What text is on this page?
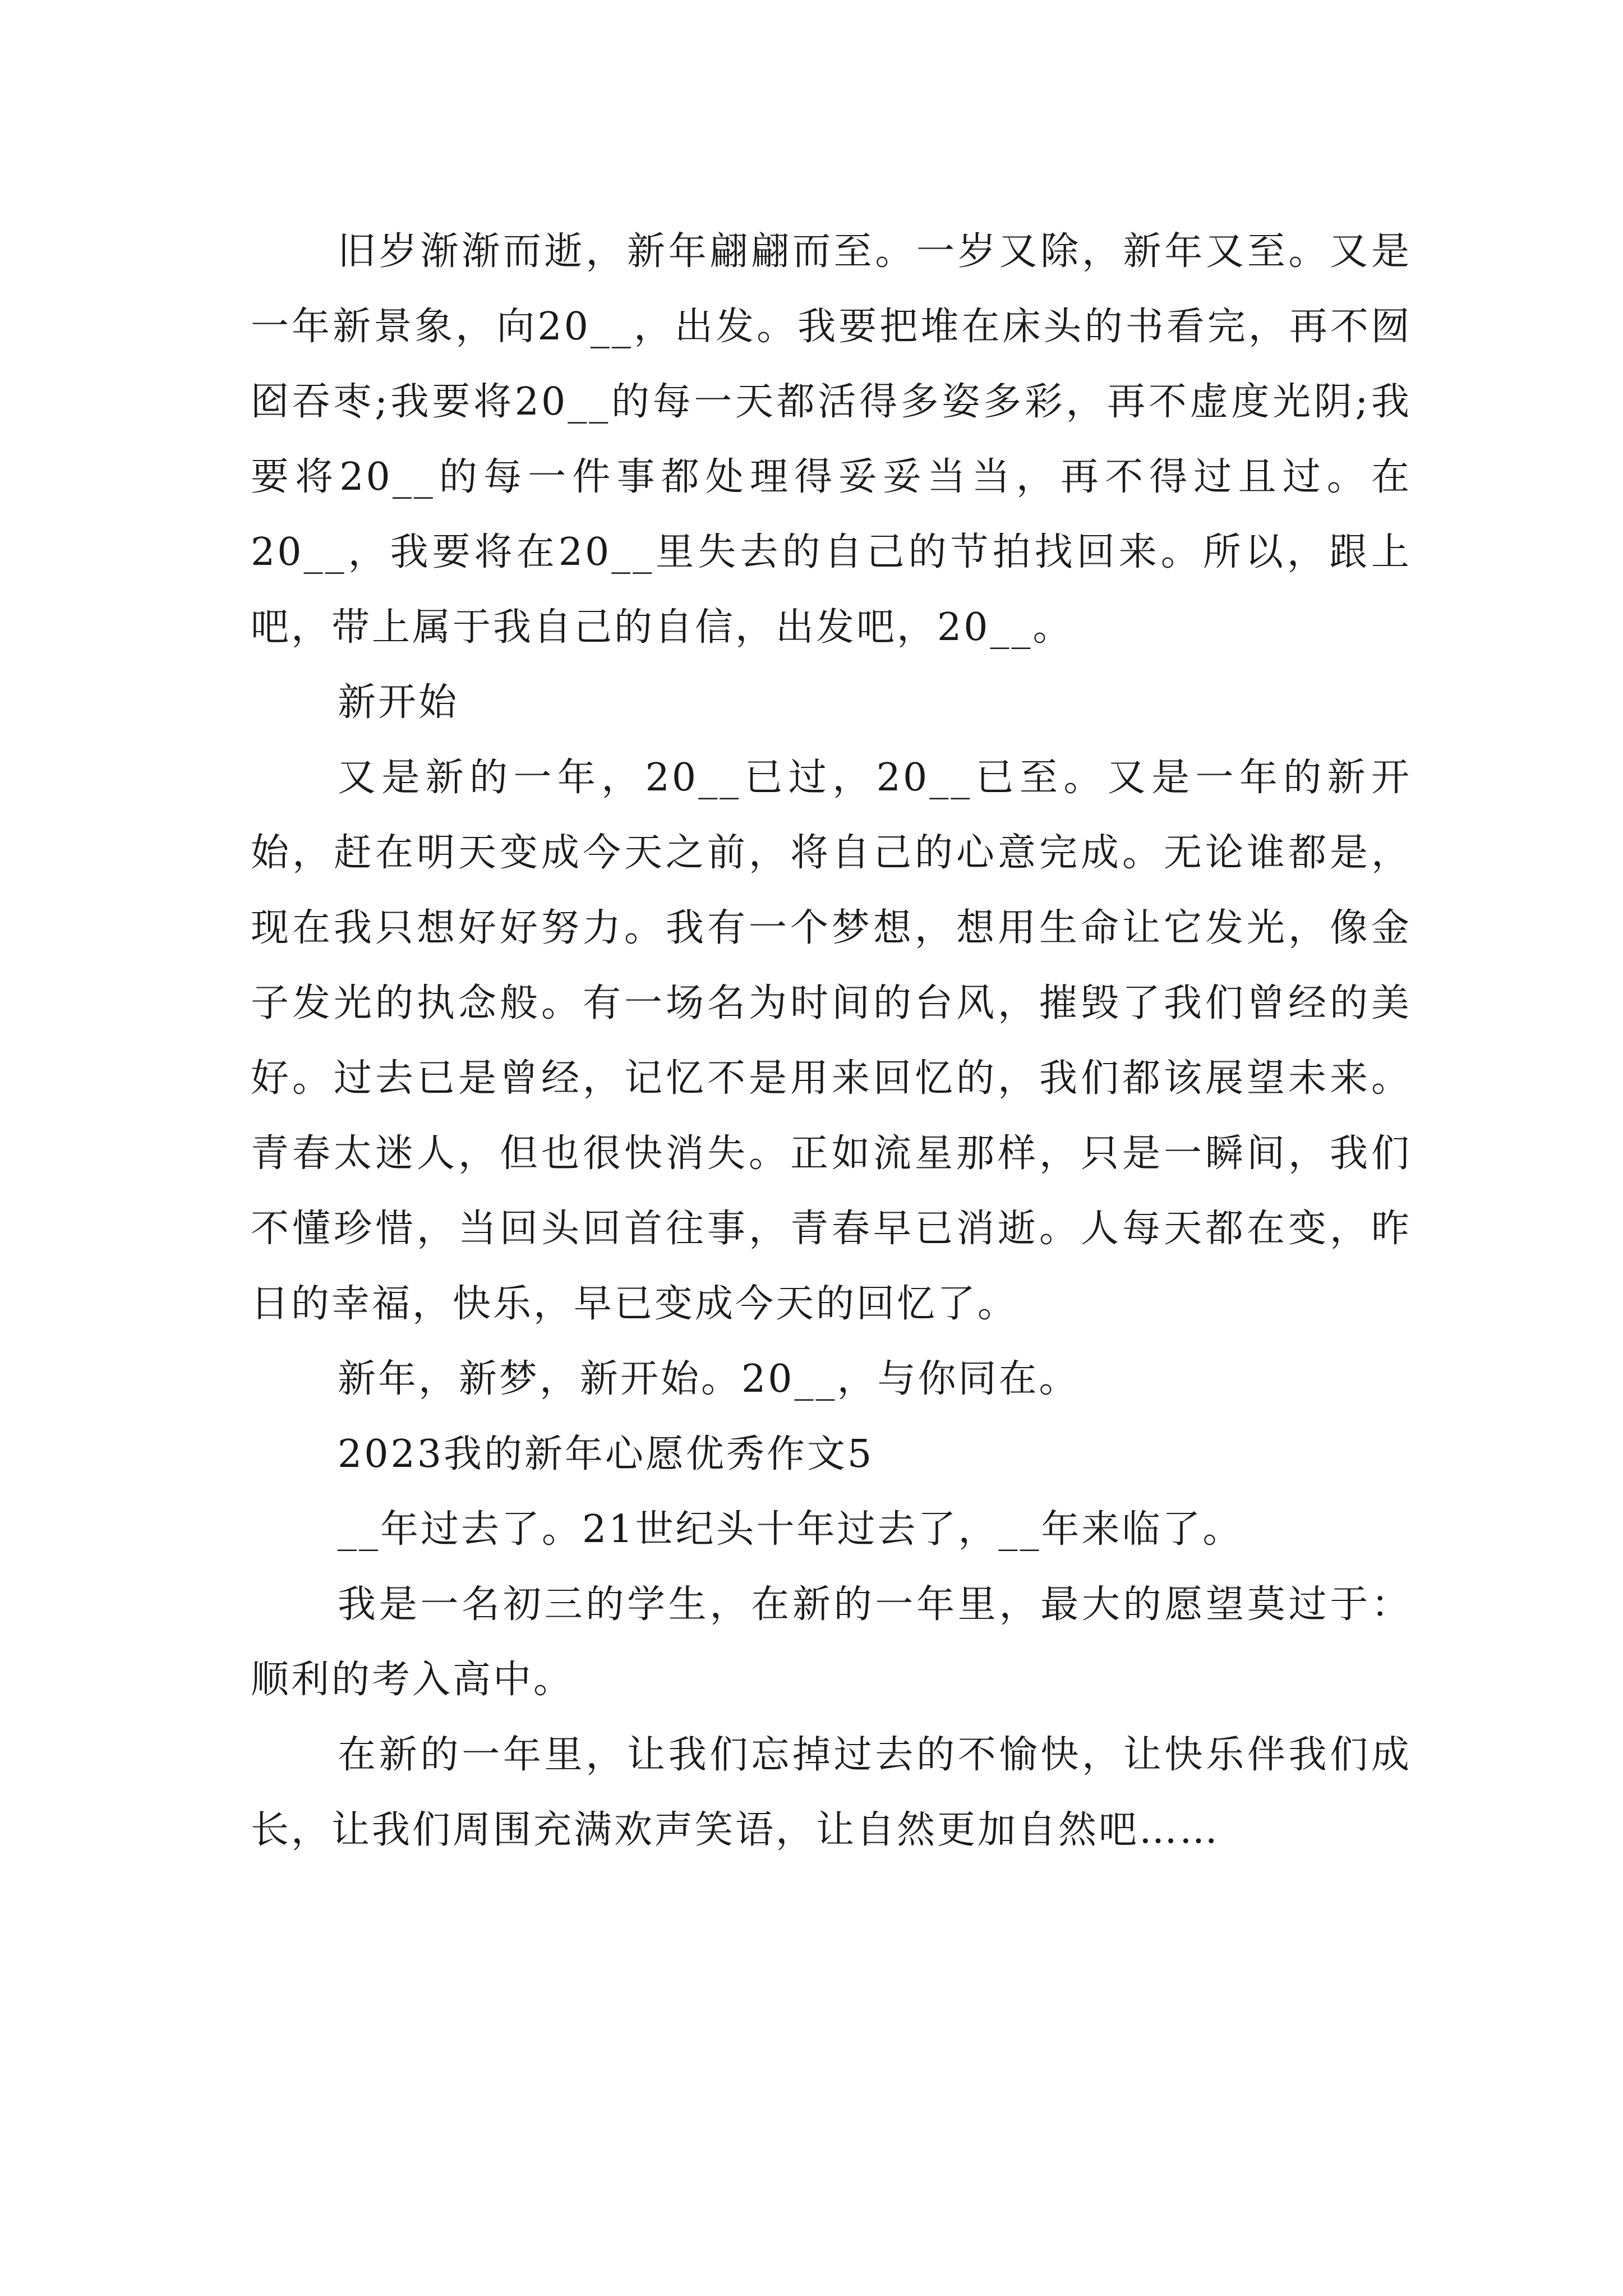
旧岁渐渐而逝，新年翩翩而至。一岁又除，新年又至。又是一年新景象，向20__，出发。我要把堆在床头的书看完，再不囫囵吞枣;我要将20__的每一天都活得多姿多彩，再不虚度光阴;我要将20__的每一件事都处理得妥妥当当，再不得过且过。在20__，我要将在20__里失去的自己的节拍找回来。所以，跟上吧，带上属于我自己的自信，出发吧，20__。

新开始

又是新的一年，20__已过，20__已至。又是一年的新开始，赶在明天变成今天之前，将自己的心意完成。无论谁都是，现在我只想好好努力。我有一个梦想，想用生命让它发光，像金子发光的执念般。有一场名为时间的台风，摧毁了我们曾经的美好。过去已是曾经，记忆不是用来回忆的，我们都该展望未来。 青春太迷人，但也很快消失。正如流星那样，只是一瞬间，我们不懂珍惜，当回头回首往事，青春早已消逝。人每天都在变，昨日的幸福，快乐，早已变成今天的回忆了。

新年，新梦，新开始。20__，与你同在。

2023我的新年心愿优秀作文5

__年过去了。21世纪头十年过去了，__年来临了。

我是一名初三的学生，在新的一年里，最大的愿望莫过于：顺利的考入高中。

在新的一年里，让我们忘掉过去的不愉快，让快乐伴我们成长，让我们周围充满欢声笑语，让自然更加自然吧……
